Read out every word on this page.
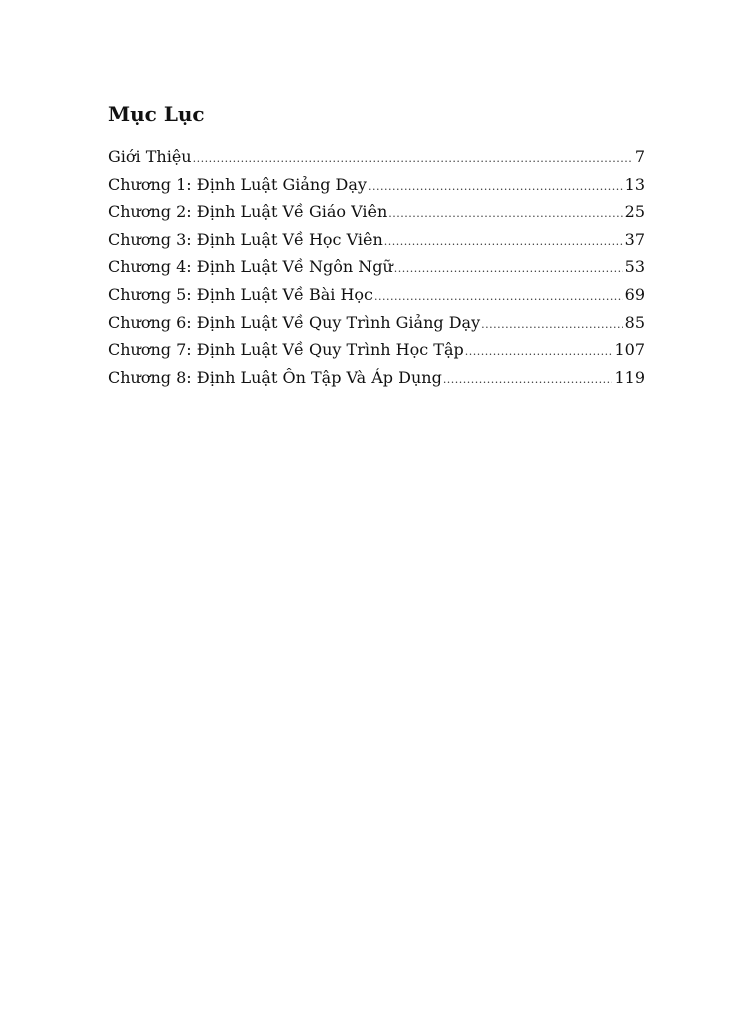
Mục Lục
Giới Thiệu .....	7
Chương 1: Định Luật Giảng Dạy .....	13
Chương 2: Định Luật Về Giáo Viên .....	25
Chương 3: Định Luật Về Học Viên .....	37
Chương 4: Định Luật Về Ngôn Ngữ .....	53
Chương 5: Định Luật Về Bài Học .....	69
Chương 6: Định Luật Về Quy Trình Giảng Dạy .....	85
Chương 7: Định Luật Về Quy Trình Học Tập .....	107
Chương 8: Định Luật Ôn Tập Và Áp Dụng .....	119
